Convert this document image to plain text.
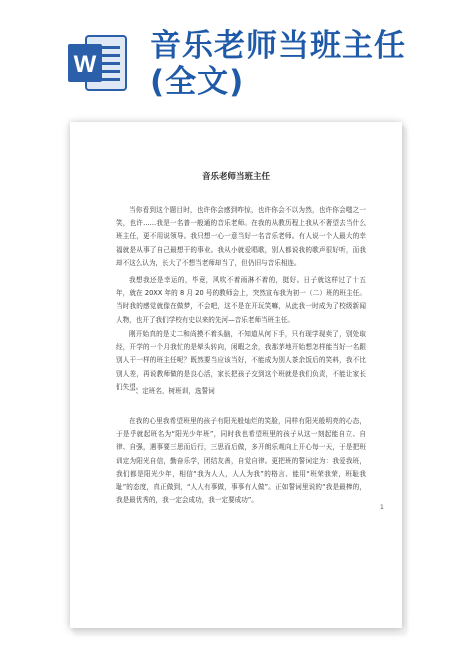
W
音乐老师当班主任
(全文)
音乐老师当班主任
当你看到这个题目时，也许你会感到咋惊，也许你会不以为然，也许你会嗤之一笑，也许……我是一名普一般通的音乐老师。在我的从教历程上我从不奢望去当什么班主任，更不用说领导。我只想一心一意当好一名音乐老师。有人说一个人最大的幸福就是从事了自己最想干的事业。我从小就爱唱歌，别人都说我的歌声很好听，而我却不这么认为，长大了不想当老师却当了，但仍旧与音乐相连。
我想我还是幸运的，毕竟，风吹不着雨淋不着的，挺好。日子就这样过了十五年，就在 20XX 年的 8 月 20 号的教师会上，突然宣布我为初一（二）班的班主任。当时我的感觉就像在做梦，不会吧，这不是在开玩笑嘛，从此我一时成为了校级新闻人物，也开了我们学校有史以来的先河—音乐老师当班主任。
刚开始真的是丈二和尚摸不着头脑，不知道从何下手，只有现学现卖了，别处取经，开学的一个月我忙的是晕头转向，闲暇之余，我那茅地开始想怎样能当好一名跟别人干一样的班主任呢？既然要当应该当好，不能成为别人茶余饭后的笑料，我不比别人差，再说教师做的是良心活，家长把孩子交到这个班就是我们负责，不能让家长们失望。
一、定班名，树班训，选誓词
在我的心里我希望班里的孩子有阳光般灿烂的笑脸，同样有阳光般明亮的心态，于是乎就起班名为“阳光少年班”，同时我也希望班里的孩子从这一刻起能自立、自律、自强，遇事要三思而后行，三思而后做，多开朗乐观向上开心每一天，于是把班训定为阳光自信，勤奋乐学，团结友善，自觉自律。更把班的誓词定为：我爱我班，我们都是阳光少年，相信“我为人人，人人为我”的格言、能用“班荣我荣，班耻我耻”的态度，真正做到，“人人有事做，事事有人做”。正如誓词里说的“我是最棒的，我是最优秀的，我一定会成功，我一定要成功”。
1
